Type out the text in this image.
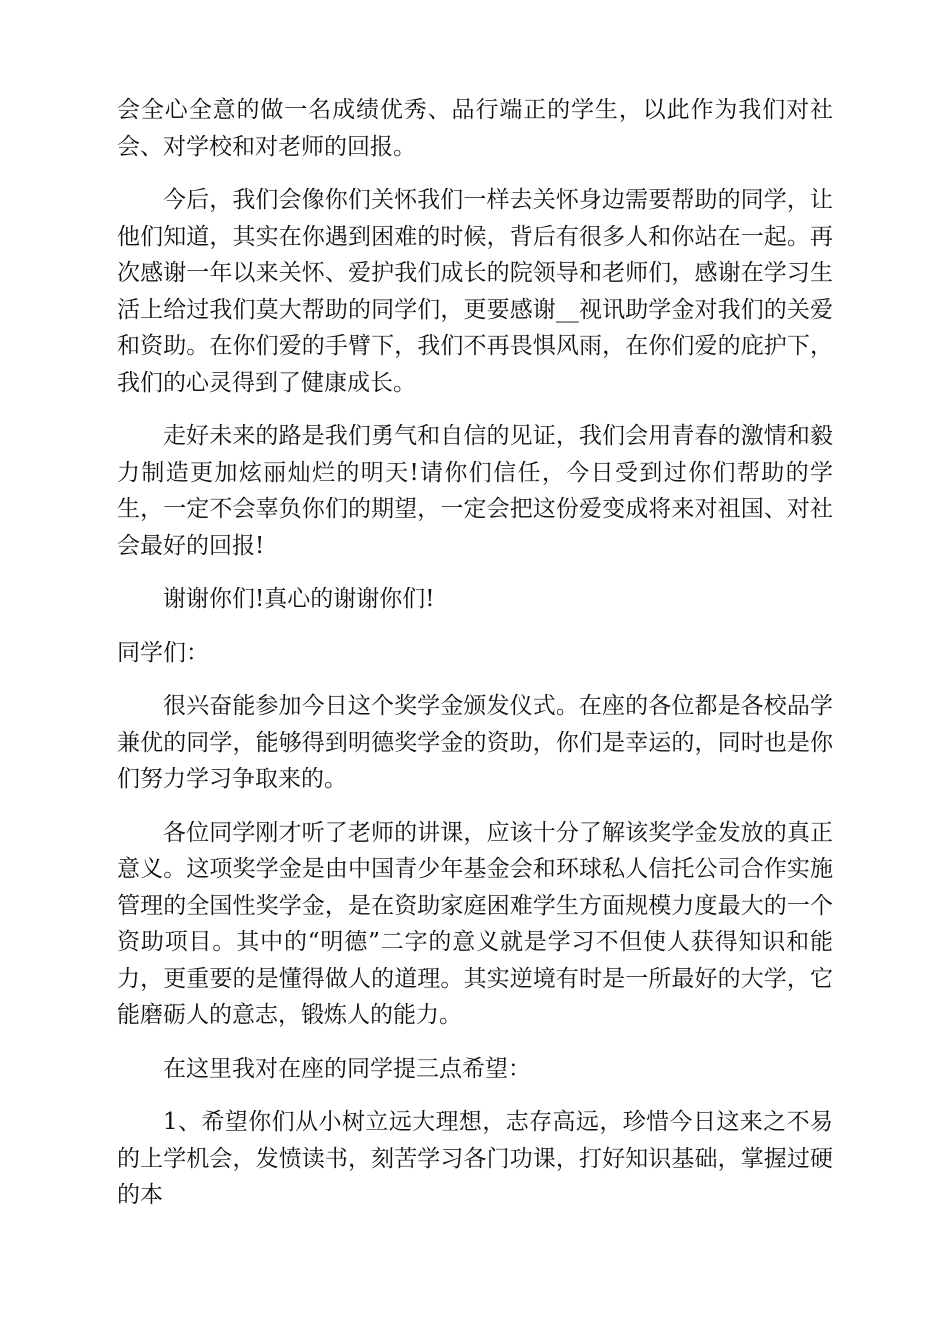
会全心全意的做一名成绩优秀、品行端正的学生，以此作为我们对社会、对学校和对老师的回报。

今后，我们会像你们关怀我们一样去关怀身边需要帮助的同学，让他们知道，其实在你遇到困难的时候，背后有很多人和你站在一起。再次感谢一年以来关怀、爱护我们成长的院领导和老师们，感谢在学习生活上给过我们莫大帮助的同学们，更要感谢__视讯助学金对我们的关爱和资助。在你们爱的手臂下，我们不再畏惧风雨，在你们爱的庇护下，我们的心灵得到了健康成长。

走好未来的路是我们勇气和自信的见证，我们会用青春的激情和毅力制造更加炫丽灿烂的明天!请你们信任，今日受到过你们帮助的学生，一定不会辜负你们的期望，一定会把这份爱变成将来对祖国、对社会最好的回报!

谢谢你们!真心的谢谢你们!

同学们：

很兴奋能参加今日这个奖学金颁发仪式。在座的各位都是各校品学兼优的同学，能够得到明德奖学金的资助，你们是幸运的，同时也是你们努力学习争取来的。

各位同学刚才听了老师的讲课，应该十分了解该奖学金发放的真正意义。这项奖学金是由中国青少年基金会和环球私人信托公司合作实施管理的全国性奖学金，是在资助家庭困难学生方面规模力度最大的一个资助项目。其中的“明德”二字的意义就是学习不但使人获得知识和能力，更重要的是懂得做人的道理。其实逆境有时是一所最好的大学，它能磨砺人的意志，锻炼人的能力。

在这里我对在座的同学提三点希望：

1、希望你们从小树立远大理想，志存高远，珍惜今日这来之不易的上学机会，发愤读书，刻苦学习各门功课，打好知识基础，掌握过硬的本
